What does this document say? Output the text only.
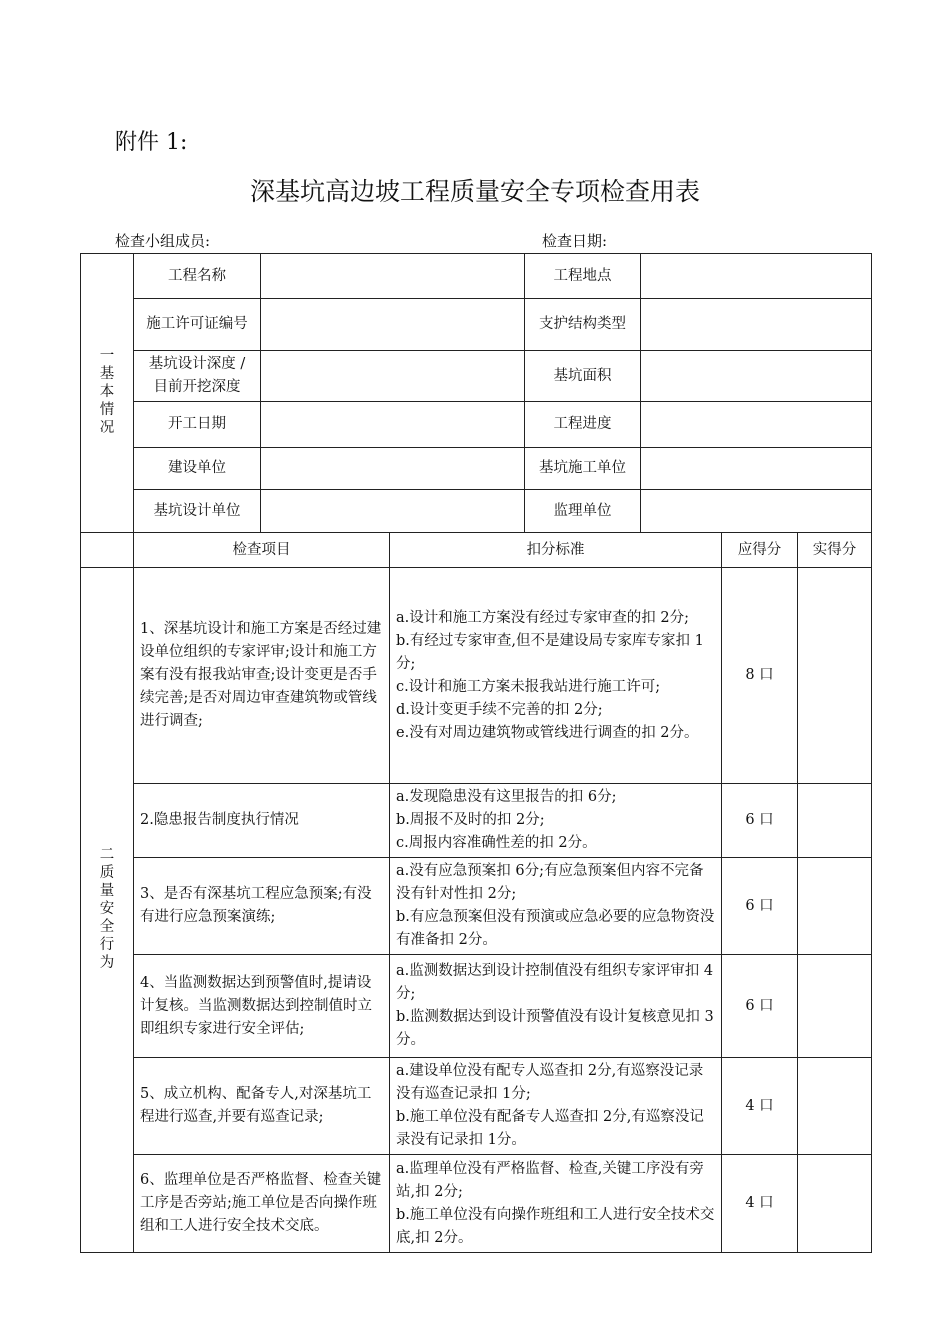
附件 1:
深基坑高边坡工程质量安全专项检查用表
检查小组成员:	检查日期:
一 基本情况	工程名称			工程地点			
	施工许可证编号			支护结构类型			
	基坑设计深度 / 目前开挖深度			基坑面积			
	开工日期			工程进度			
	建设单位			基坑施工单位			
	基坑设计单位			监理单位			
	检查项目		扣分标准			应得分	实得分
二 质量安全行为	1、深基坑设计和施工方案是否经过建设单位组织的专家评审;设计和施工方案有没有报我站审查;设计变更是否手续完善;是否对周边审查建筑物或管线进行调查;		a.设计和施工方案没有经过专家审查的扣 2分;
b.有经过专家审查,但不是建设局专家库专家扣 1分;
c.设计和施工方案未报我站进行施工许可;
d.设计变更手续不完善的扣 2分;
e.没有对周边建筑物或管线进行调查的扣 2分。			8 口	
	2.隐患报告制度执行情况		a.发现隐患没有这里报告的扣 6分;
b.周报不及时的扣 2分;
c.周报内容准确性差的扣 2分。			6 口	
	3、是否有深基坑工程应急预案;有没有进行应急预案演练;		a.没有应急预案扣 6分;有应急预案但内容不完备没有针对性扣 2分;
b.有应急预案但没有预演或应急必要的应急物资没有准备扣 2分。			6 口	
	4、当监测数据达到预警值时,提请设计复核。当监测数据达到控制值时立即组织专家进行安全评估;		a.监测数据达到设计控制值没有组织专家评审扣 4分;
b.监测数据达到设计预警值没有设计复核意见扣 3分。			6 口	
	5、成立机构、配备专人,对深基坑工程进行巡查,并要有巡查记录;		a.建设单位没有配专人巡查扣 2分,有巡察没记录没有巡查记录扣 1分;
b.施工单位没有配备专人巡查扣 2分,有巡察没记录没有记录扣 1分。			4 口	
	6、监理单位是否严格监督、检查关键工序是否旁站;施工单位是否向操作班组和工人进行安全技术交底。		a.监理单位没有严格监督、检查,关键工序没有旁站,扣 2分;
b.施工单位没有向操作班组和工人进行安全技术交底,扣 2分。			4 口	
